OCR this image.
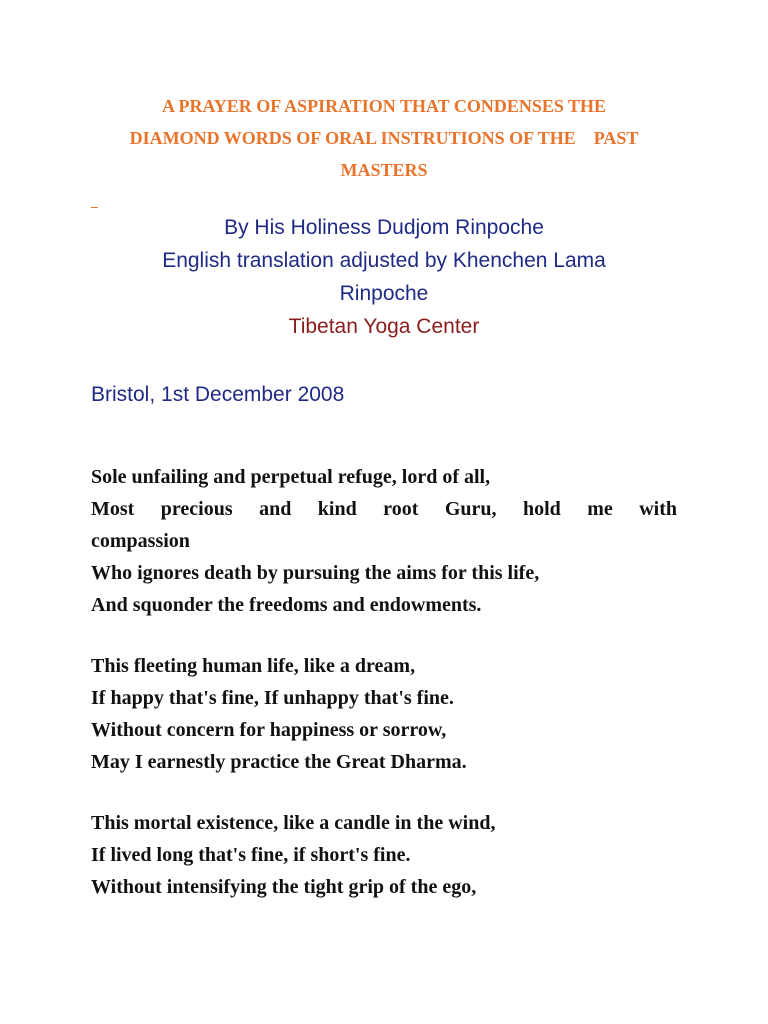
A PRAYER OF ASPIRATION THAT CONDENSES THE
DIAMOND WORDS OF ORAL INSTRUTIONS OF THE    PAST
MASTERS
By His Holiness Dudjom Rinpoche
English translation adjusted by Khenchen Lama
Rinpoche
Tibetan Yoga Center

Bristol, 1st December 2008

Sole unfailing and perpetual refuge, lord of all,
Most precious and kind root Guru, hold me with
compassion
Who ignores death by pursuing the aims for this life,
And squonder the freedoms and endowments.

This fleeting human life, like a dream,
If happy that's fine, If unhappy that's fine.
Without concern for happiness or sorrow,
May I earnestly practice the Great Dharma.

This mortal existence, like a candle in the wind,
If lived long that's fine, if short's fine.
Without intensifying the tight grip of the ego,
